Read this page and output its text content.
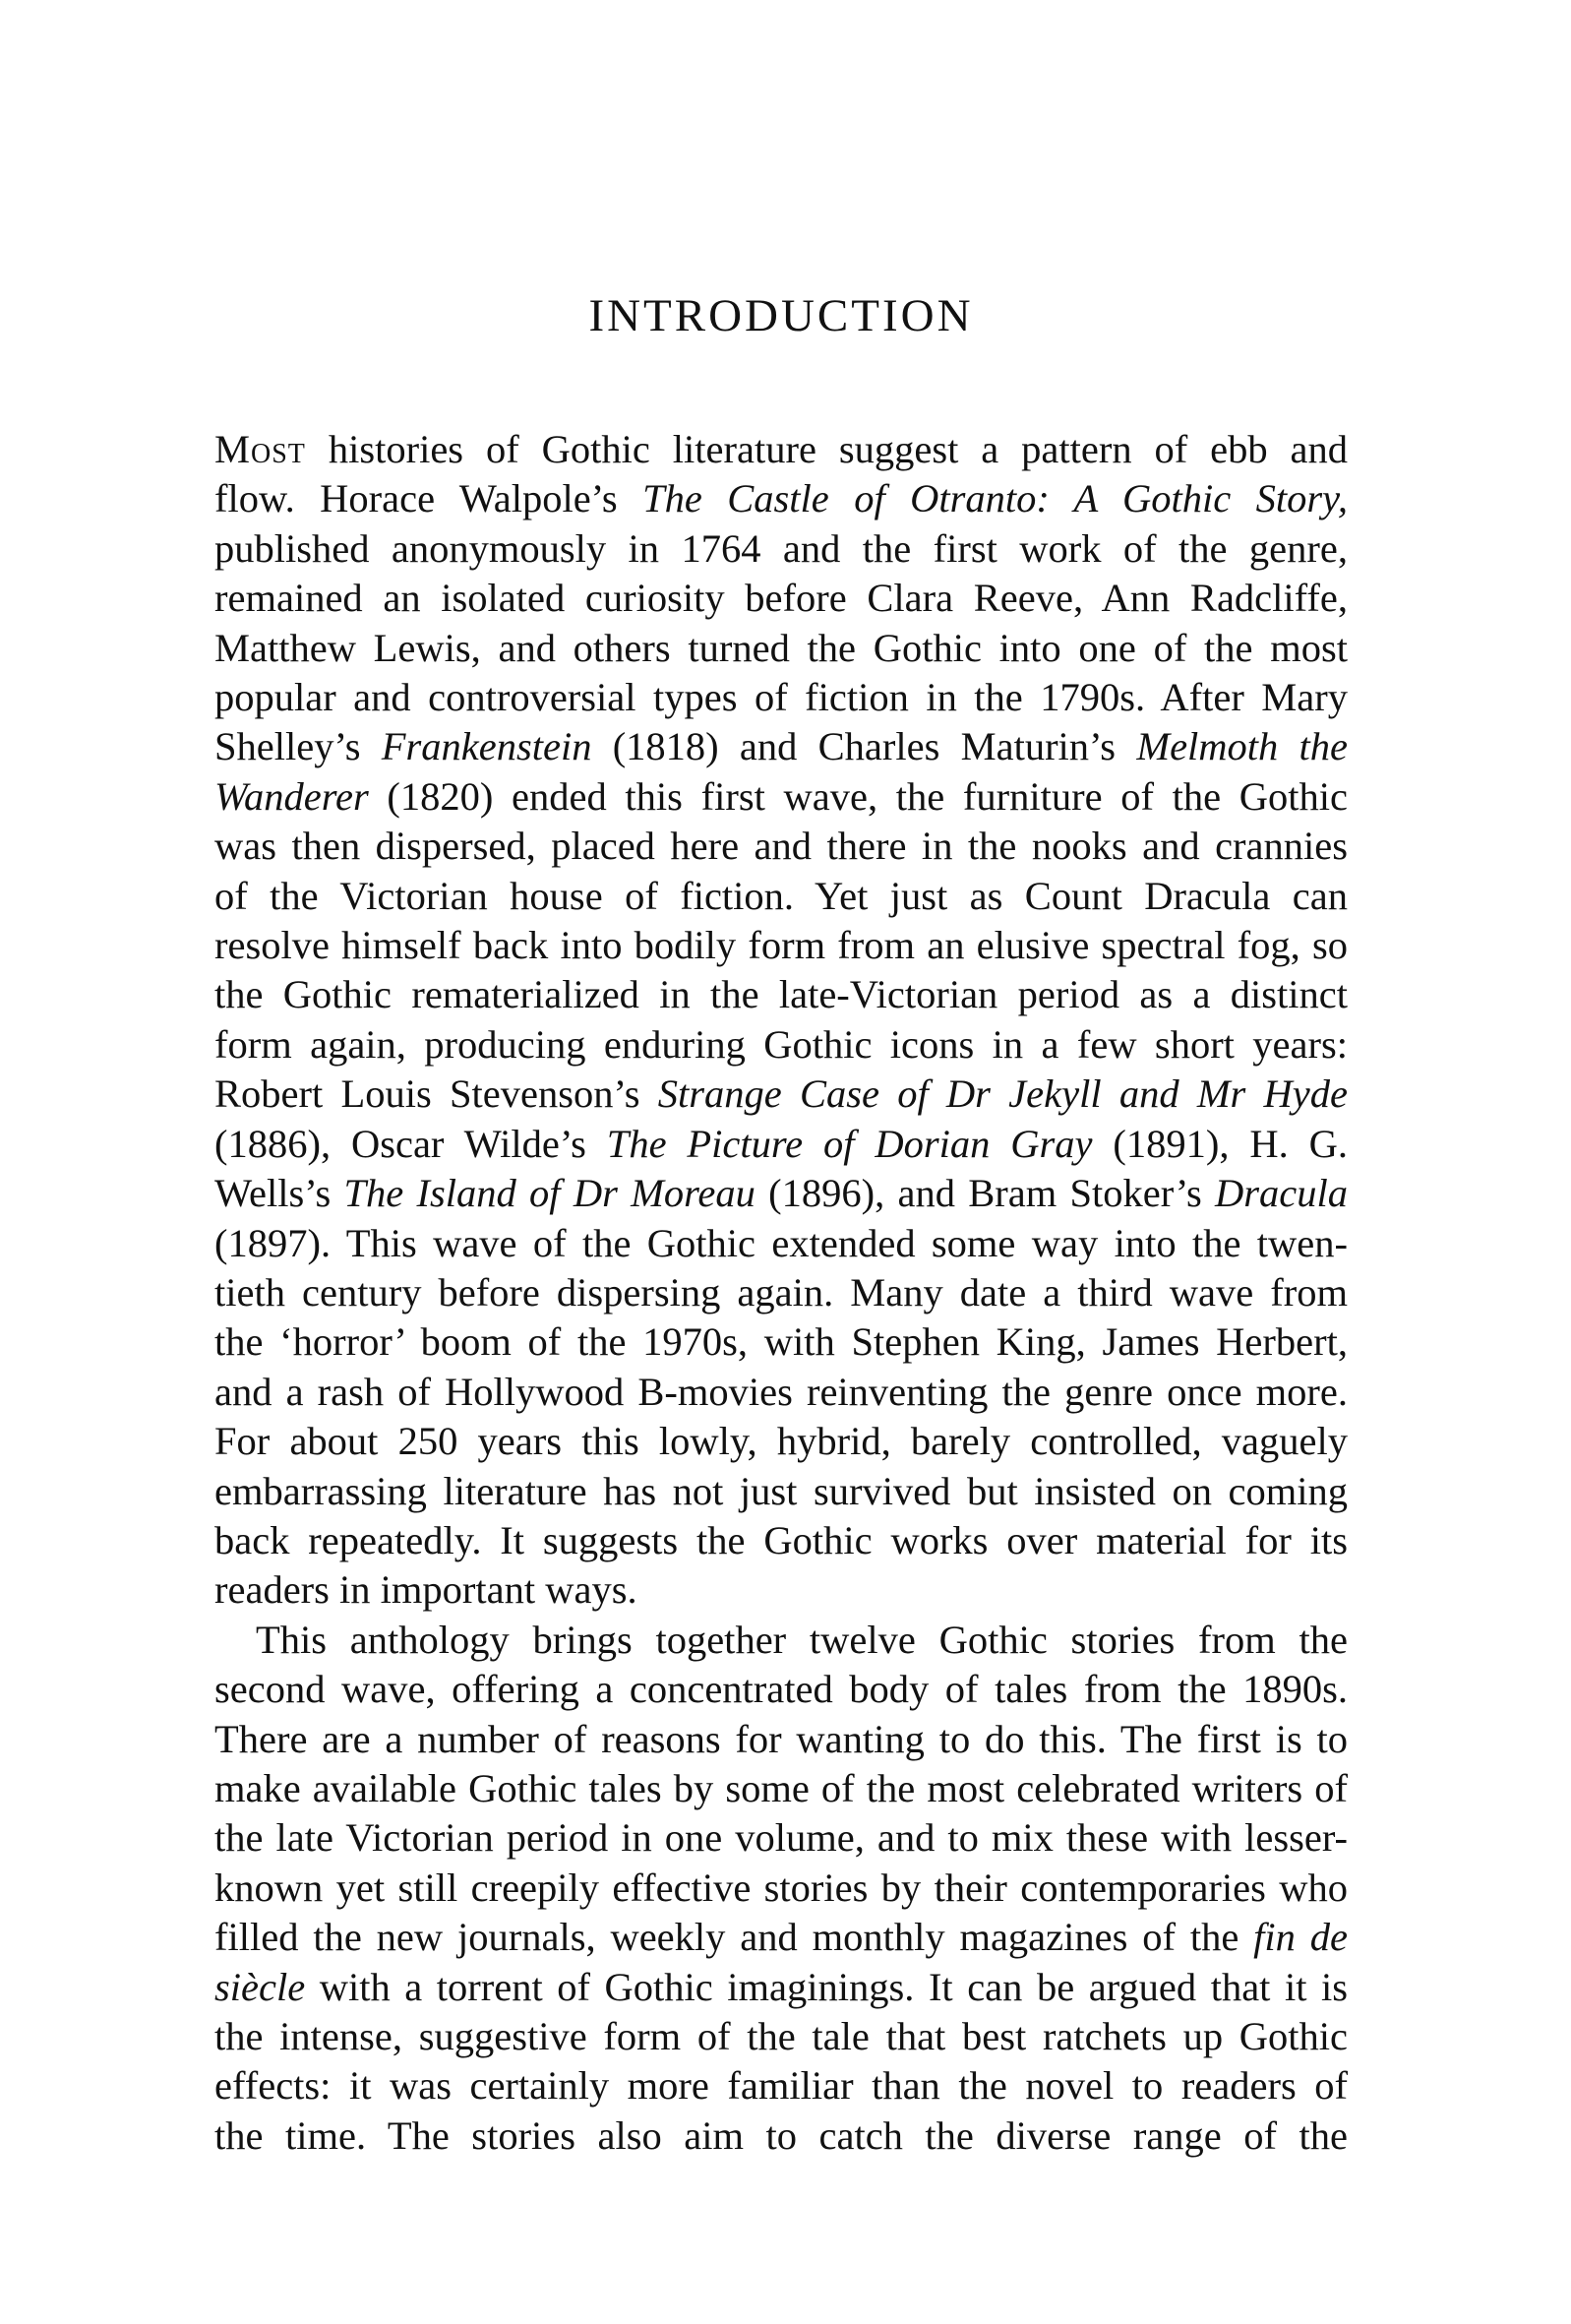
INTRODUCTION
Most histories of Gothic literature suggest a pattern of ebb and
flow. Horace Walpole’s The Castle of Otranto: A Gothic Story,
published anonymously in 1764 and the first work of the genre,
remained an isolated curiosity before Clara Reeve, Ann Radcliffe,
Matthew Lewis, and others turned the Gothic into one of the most
popular and controversial types of fiction in the 1790s. After Mary
Shelley’s Frankenstein (1818) and Charles Maturin’s Melmoth the
Wanderer (1820) ended this first wave, the furniture of the Gothic
was then dispersed, placed here and there in the nooks and crannies
of the Victorian house of fiction. Yet just as Count Dracula can
resolve himself back into bodily form from an elusive spectral fog, so
the Gothic rematerialized in the late-Victorian period as a distinct
form again, producing enduring Gothic icons in a few short years:
Robert Louis Stevenson’s Strange Case of Dr Jekyll and Mr Hyde
(1886), Oscar Wilde’s The Picture of Dorian Gray (1891), H. G.
Wells’s The Island of Dr Moreau (1896), and Bram Stoker’s Dracula
(1897). This wave of the Gothic extended some way into the twen-
tieth century before dispersing again. Many date a third wave from
the ‘horror’ boom of the 1970s, with Stephen King, James Herbert,
and a rash of Hollywood B-movies reinventing the genre once more.
For about 250 years this lowly, hybrid, barely controlled, vaguely
embarrassing literature has not just survived but insisted on coming
back repeatedly. It suggests the Gothic works over material for its
readers in important ways.
This anthology brings together twelve Gothic stories from the
second wave, offering a concentrated body of tales from the 1890s.
There are a number of reasons for wanting to do this. The first is to
make available Gothic tales by some of the most celebrated writers of
the late Victorian period in one volume, and to mix these with lesser-
known yet still creepily effective stories by their contemporaries who
filled the new journals, weekly and monthly magazines of the fin de
siècle with a torrent of Gothic imaginings. It can be argued that it is
the intense, suggestive form of the tale that best ratchets up Gothic
effects: it was certainly more familiar than the novel to readers of
the time. The stories also aim to catch the diverse range of the
